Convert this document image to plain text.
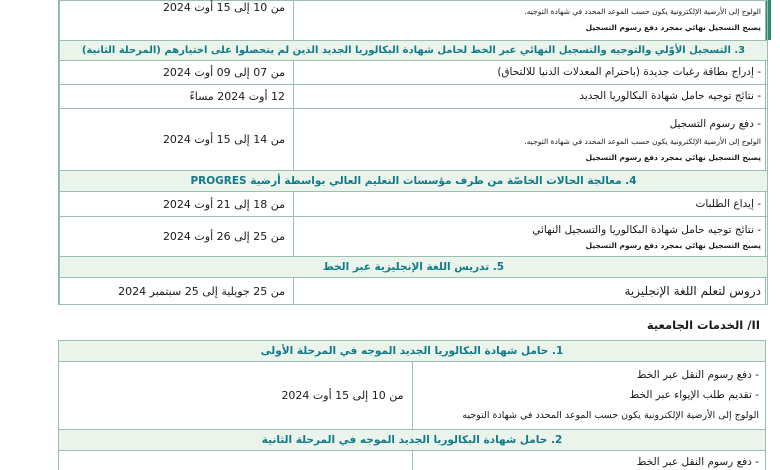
الولوج إلى الأرضية الإلكترونية يكون حسب الموعد المحدد في شهادة التوجيه.
يصبح التسجيل نهائي بمجرد دفع رسوم التسجيل	من 10 إلى 15 أوت 2024
3. التسجيل الأوّلي والتوجيه والتسجيل النهائي عبر الخط لحامل شهادة البكالوريا الجديد الذين لم يتحصلوا على اختيارهم (المرحلة الثانية)	

- إدراج بطاقة رغبات جديدة (باحترام المعدلات الدنيا للالتحاق)	من 07 إلى 09 أوت 2024

- نتائج توجيه حامل شهادة البكالوريا الجديد	12 أوت 2024 مساءً

- دفع رسوم التسجيل
الولوج إلى الأرضية الإلكترونية يكون حسب الموعد المحدد في شهادة التوجيه.
يصبح التسجيل نهائي بمجرد دفع رسوم التسجيل	من 14 إلى 15 أوت 2024
4. معالجة الحالات الخاصّة من طرف مؤسسات التعليم العالي بواسطة أرضية PROGRES	

- إيداع الطلبات	من 18 إلى 21 أوت 2024

- نتائج توجيه حامل شهادة البكالوريا والتسجيل النهائي
يصبح التسجيل نهائي بمجرد دفع رسوم التسجيل	من 25 إلى 26 أوت 2024
5. تدريس اللغة الإنجليزية عبر الخط	

دروس لتعلم اللغة الإنجليزية	من 25 جويلية إلى 25 سبتمبر 2024
II/ الخدمات الجامعية
1. حامل شهادة البكالوريا الجديد الموجه في المرحلة الأولى	

- دفع رسوم النقل عبر الخط
- تقديم طلب الإيواء عبر الخط
الولوج إلى الأرضية الإلكترونية يكون حسب الموعد المحدد في شهادة التوجيه	من 10 إلى 15 أوت 2024
2. حامل شهادة البكالوريا الجديد الموجه في المرحلة الثانية	

- دفع رسوم النقل عبر الخط	
